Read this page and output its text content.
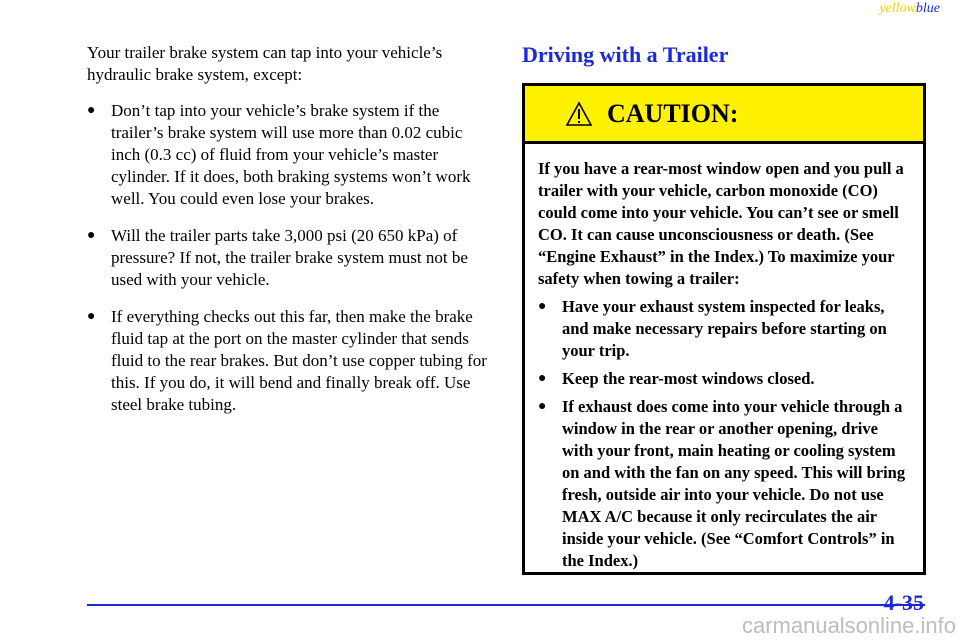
yellowblue

Your trailer brake system can tap into your vehicle’s hydraulic brake system, except:

● Don’t tap into your vehicle’s brake system if the trailer’s brake system will use more than 0.02 cubic inch (0.3 cc) of fluid from your vehicle’s master cylinder. If it does, both braking systems won’t work well. You could even lose your brakes.
● Will the trailer parts take 3,000 psi (20 650 kPa) of pressure? If not, the trailer brake system must not be used with your vehicle.
● If everything checks out this far, then make the brake fluid tap at the port on the master cylinder that sends fluid to the rear brakes. But don’t use copper tubing for this. If you do, it will bend and finally break off. Use steel brake tubing.
Driving with a Trailer
CAUTION:

If you have a rear-most window open and you pull a trailer with your vehicle, carbon monoxide (CO) could come into your vehicle. You can’t see or smell CO. It can cause unconsciousness or death. (See “Engine Exhaust” in the Index.) To maximize your safety when towing a trailer:

● Have your exhaust system inspected for leaks, and make necessary repairs before starting on your trip.
● Keep the rear-most windows closed.
● If exhaust does come into your vehicle through a window in the rear or another opening, drive with your front, main heating or cooling system on and with the fan on any speed. This will bring fresh, outside air into your vehicle. Do not use MAX A/C because it only recirculates the air inside your vehicle. (See “Comfort Controls” in the Index.)
4-35
carmanualsonline.info
